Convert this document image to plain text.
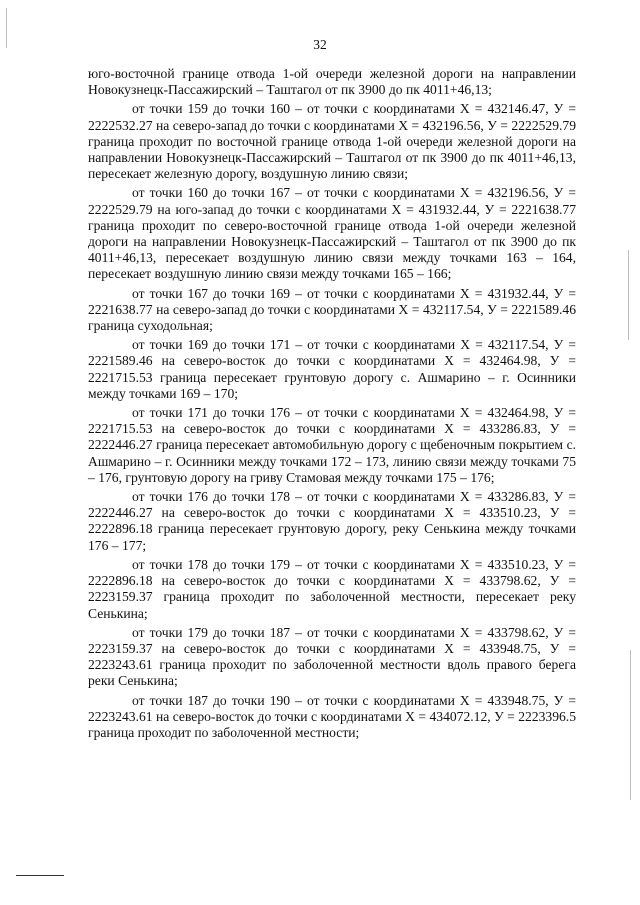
32

юго-восточной границе отвода 1-ой очереди железной дороги на направлении Новокузнецк-Пассажирский – Таштагол от пк 3900 до пк 4011+46,13;

от точки 159 до точки 160 – от точки с координатами Х = 432146.47, У = 2222532.27 на северо-запад до точки с координатами Х = 432196.56, У = 2222529.79 граница проходит по восточной границе отвода 1-ой очереди железной дороги на направлении Новокузнецк-Пассажирский – Таштагол от пк 3900 до пк 4011+46,13, пересекает железную дорогу, воздушную линию связи;

от точки 160 до точки 167 – от точки с координатами Х = 432196.56, У = 2222529.79 на юго-запад до точки с координатами Х = 431932.44, У = 2221638.77 граница проходит по северо-восточной границе отвода 1-ой очереди железной дороги на направлении Новокузнецк-Пассажирский – Таштагол от пк 3900 до пк 4011+46,13, пересекает воздушную линию связи между точками 163 – 164, пересекает воздушную линию связи между точками 165 – 166;

от точки 167 до точки 169 – от точки с координатами Х = 431932.44, У = 2221638.77 на северо-запад до точки с координатами Х = 432117.54, У = 2221589.46 граница суходольная;

от точки 169 до точки 171 – от точки с координатами Х = 432117.54, У = 2221589.46 на северо-восток до точки с координатами Х = 432464.98, У = 2221715.53 граница пересекает грунтовую дорогу с. Ашмарино – г. Осинники между точками 169 – 170;

от точки 171 до точки 176 – от точки с координатами Х = 432464.98, У = 2221715.53 на северо-восток до точки с координатами Х = 433286.83, У = 2222446.27 граница пересекает автомобильную дорогу с щебеночным покрытием с. Ашмарино – г. Осинники между точками 172 – 173, линию связи между точками 75 – 176, грунтовую дорогу на гриву Стамовая между точками 175 – 176;

от точки 176 до точки 178 – от точки с координатами Х = 433286.83, У = 2222446.27 на северо-восток до точки с координатами Х = 433510.23, У = 2222896.18 граница пересекает грунтовую дорогу, реку Сенькина между точками 176 – 177;

от точки 178 до точки 179 – от точки с координатами Х = 433510.23, У = 2222896.18 на северо-восток до точки с координатами Х = 433798.62, У = 2223159.37 граница проходит по заболоченной местности, пересекает реку Сенькина;

от точки 179 до точки 187 – от точки с координатами Х = 433798.62, У = 2223159.37 на северо-восток до точки с координатами Х = 433948.75, У = 2223243.61 граница проходит по заболоченной местности вдоль правого берега реки Сенькина;

от точки 187 до точки 190 – от точки с координатами Х = 433948.75, У = 2223243.61 на северо-восток до точки с координатами Х = 434072.12, У = 2223396.5 граница проходит по заболоченной местности;
